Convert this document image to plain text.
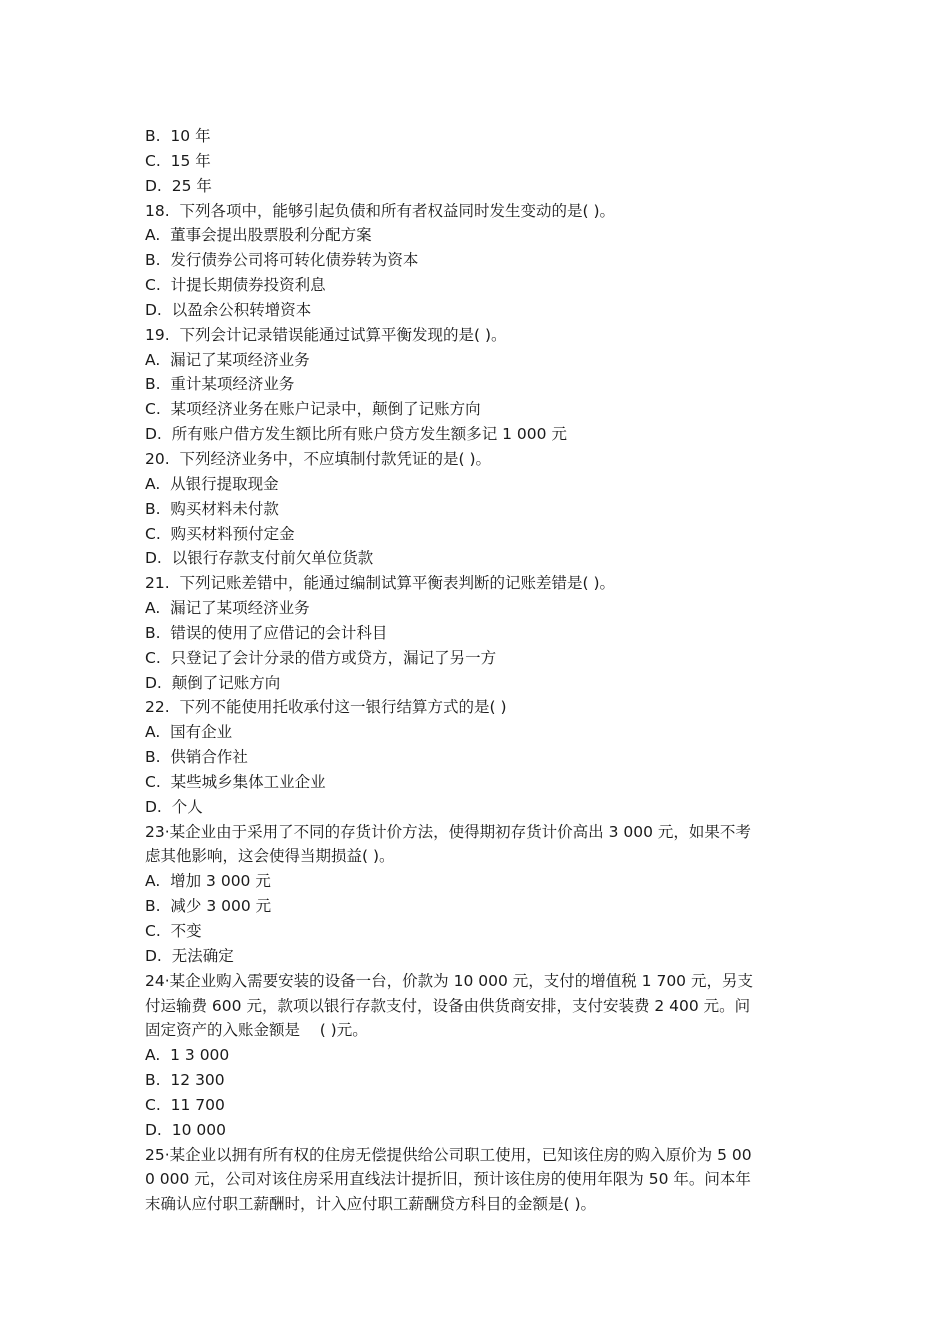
B.  10 年

C.  15 年

D.  25 年

18.  下列各项中，能够引起负债和所有者权益同时发生变动的是( )。

A.  董事会提出股票股利分配方案

B.  发行债券公司将可转化债券转为资本

C.  计提长期债券投资利息

D.  以盈余公积转增资本

19.  下列会计记录错误能通过试算平衡发现的是( )。

A.  漏记了某项经济业务

B.  重计某项经济业务

C.  某项经济业务在账户记录中，颠倒了记账方向

D.  所有账户借方发生额比所有账户贷方发生额多记 1 000 元

20.  下列经济业务中，不应填制付款凭证的是( )。

A.  从银行提取现金

B.  购买材料未付款

C.  购买材料预付定金

D.  以银行存款支付前欠单位货款

21.  下列记账差错中，能通过编制试算平衡表判断的记账差错是( )。

A.  漏记了某项经济业务

B.  错误的使用了应借记的会计科目

C.  只登记了会计分录的借方或贷方，漏记了另一方

D.  颠倒了记账方向

22.  下列不能使用托收承付这一银行结算方式的是( )

A.  国有企业

B.  供销合作社

C.  某些城乡集体工业企业

D.  个人

23·某企业由于采用了不同的存货计价方法，使得期初存货计价高出 3 000 元，如果不考

虑其他影响，这会使得当期损益( )。

A.  增加 3 000 元

B.  减少 3 000 元

C.  不变

D.  无法确定

24·某企业购入需要安装的设备一台，价款为 10 000 元，支付的增值税 1 700 元，另支

付运输费 600 元，款项以银行存款支付，设备由供货商安排，支付安装费 2 400 元。问

固定资产的入账金额是    ( )元。

A.  1 3 000

B.  12 300

C.  11 700

D.  10 000

25·某企业以拥有所有权的住房无偿提供给公司职工使用，已知该住房的购入原价为 5 00

0 000 元，公司对该住房采用直线法计提折旧，预计该住房的使用年限为 50 年。问本年

末确认应付职工薪酬时，计入应付职工薪酬贷方科目的金额是( )。
